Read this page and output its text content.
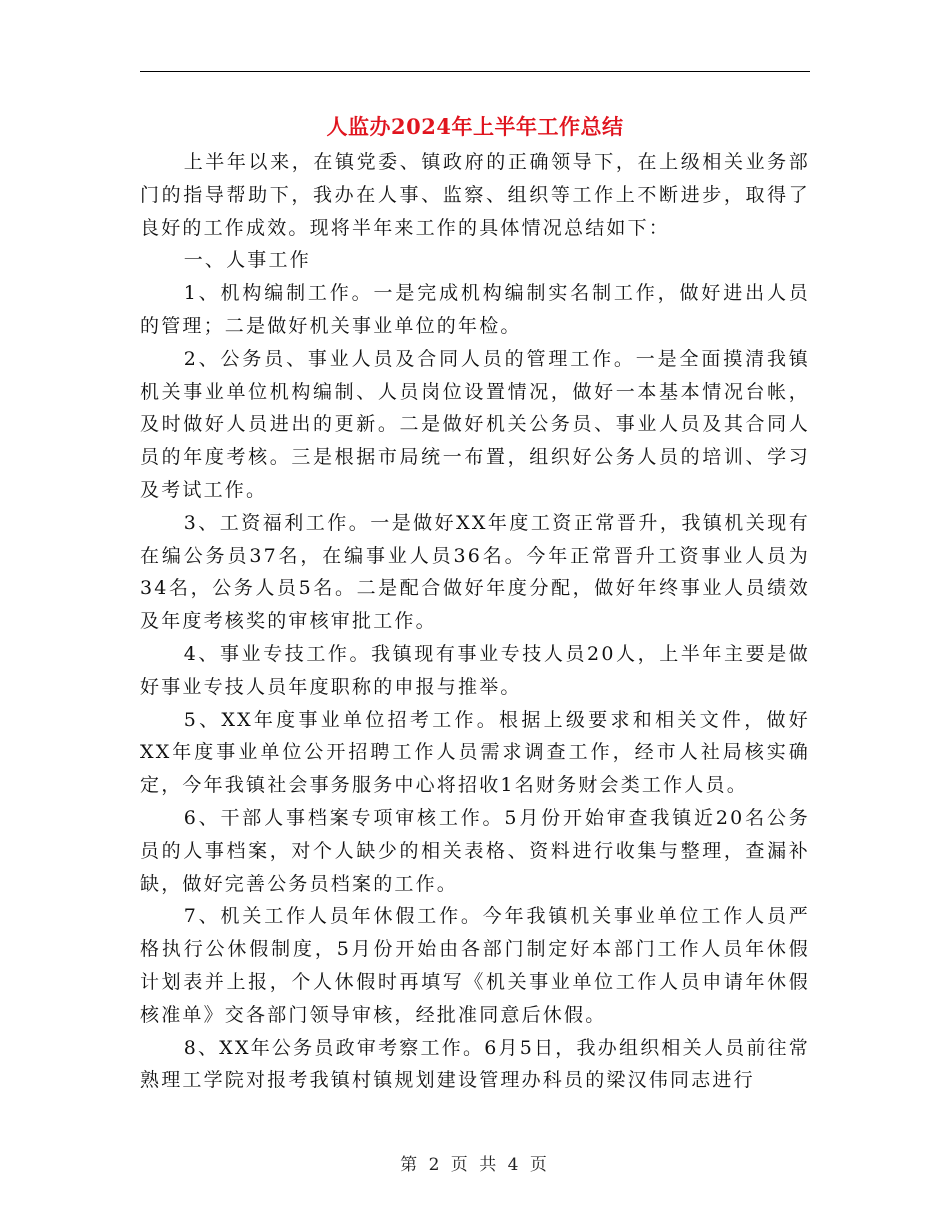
人监办2024年上半年工作总结

上半年以来，在镇党委、镇政府的正确领导下，在上级相关业务部门的指导帮助下，我办在人事、监察、组织等工作上不断进步，取得了良好的工作成效。现将半年来工作的具体情况总结如下：

一、人事工作

1、机构编制工作。一是完成机构编制实名制工作，做好进出人员的管理；二是做好机关事业单位的年检。

2、公务员、事业人员及合同人员的管理工作。一是全面摸清我镇机关事业单位机构编制、人员岗位设置情况，做好一本基本情况台帐，及时做好人员进出的更新。二是做好机关公务员、事业人员及其合同人员的年度考核。三是根据市局统一布置，组织好公务人员的培训、学习及考试工作。

3、工资福利工作。一是做好XX年度工资正常晋升，我镇机关现有在编公务员37名，在编事业人员36名。今年正常晋升工资事业人员为34名，公务人员5名。二是配合做好年度分配，做好年终事业人员绩效及年度考核奖的审核审批工作。

4、事业专技工作。我镇现有事业专技人员20人，上半年主要是做好事业专技人员年度职称的申报与推举。

5、XX年度事业单位招考工作。根据上级要求和相关文件，做好XX年度事业单位公开招聘工作人员需求调查工作，经市人社局核实确定，今年我镇社会事务服务中心将招收1名财务财会类工作人员。

6、干部人事档案专项审核工作。5月份开始审查我镇近20名公务员的人事档案，对个人缺少的相关表格、资料进行收集与整理，查漏补缺，做好完善公务员档案的工作。

7、机关工作人员年休假工作。今年我镇机关事业单位工作人员严格执行公休假制度，5月份开始由各部门制定好本部门工作人员年休假计划表并上报，个人休假时再填写《机关事业单位工作人员申请年休假核准单》交各部门领导审核，经批准同意后休假。

8、XX年公务员政审考察工作。6月5日，我办组织相关人员前往常熟理工学院对报考我镇村镇规划建设管理办科员的梁汉伟同志进行

第 2 页 共 4 页
